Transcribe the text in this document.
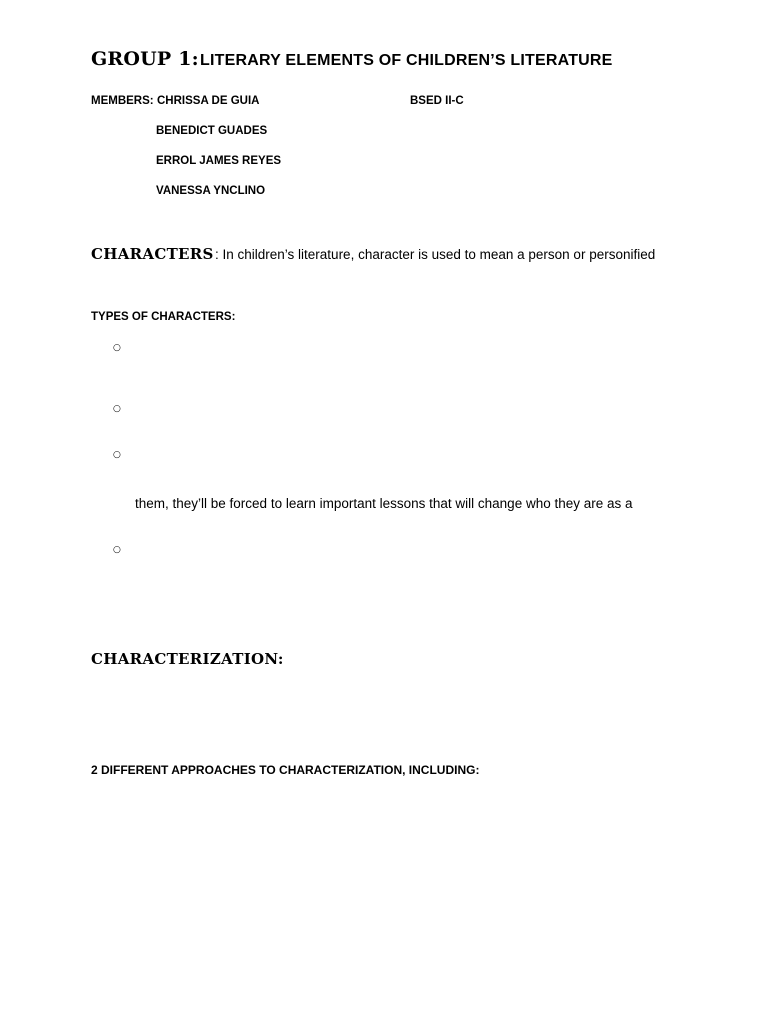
GROUP 1: LITERARY ELEMENTS OF CHILDREN’S LITERATURE
MEMBERS: CHRISSA DE GUIA	BSED II-C
BENEDICT GUADES
ERROL JAMES REYES
VANESSA YNCLINO
CHARACTERS : In children’s literature, character is used to mean a person or personified
TYPES OF CHARACTERS:
○
○
○
them, they’ll be forced to learn important lessons that will change who they are as a
○
CHARACTERIZATION:
2 DIFFERENT APPROACHES TO CHARACTERIZATION, INCLUDING:
